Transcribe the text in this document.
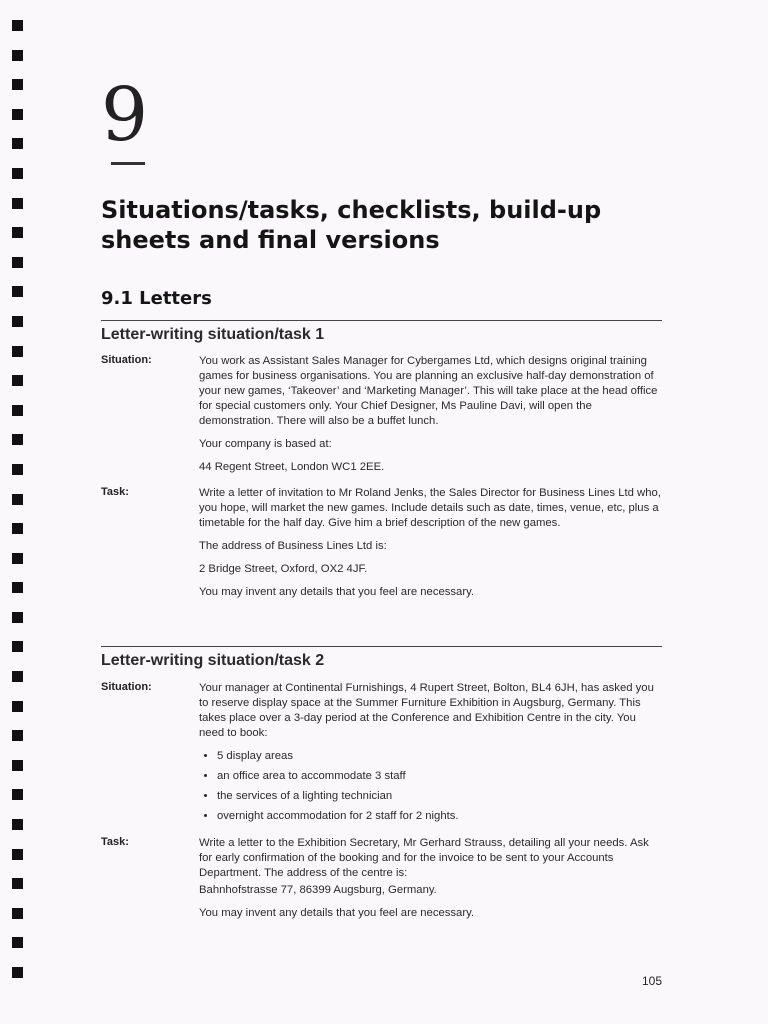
9
Situations/tasks, checklists, build-up sheets and final versions
9.1 Letters
Letter-writing situation/task 1
Situation:	You work as Assistant Sales Manager for Cybergames Ltd, which designs original training games for business organisations. You are planning an exclusive half-day demonstration of your new games, ‘Takeover’ and ‘Marketing Manager’. This will take place at the head office for special customers only. Your Chief Designer, Ms Pauline Davi, will open the demonstration. There will also be a buffet lunch.

Your company is based at:

44 Regent Street, London WC1 2EE.

Task:	Write a letter of invitation to Mr Roland Jenks, the Sales Director for Business Lines Ltd who, you hope, will market the new games. Include details such as date, times, venue, etc, plus a timetable for the half day. Give him a brief description of the new games.

The address of Business Lines Ltd is:

2 Bridge Street, Oxford, OX2 4JF.

You may invent any details that you feel are necessary.

Letter-writing situation/task 2
Situation:	Your manager at Continental Furnishings, 4 Rupert Street, Bolton, BL4 6JH, has asked you to reserve display space at the Summer Furniture Exhibition in Augsburg, Germany. This takes place over a 3-day period at the Conference and Exhibition Centre in the city. You need to book:

• 5 display areas
• an office area to accommodate 3 staff
• the services of a lighting technician
• overnight accommodation for 2 staff for 2 nights.
Task:	Write a letter to the Exhibition Secretary, Mr Gerhard Strauss, detailing all your needs. Ask for early confirmation of the booking and for the invoice to be sent to your Accounts Department. The address of the centre is:

Bahnhofstrasse 77, 86399 Augsburg, Germany.

You may invent any details that you feel are necessary.

105
